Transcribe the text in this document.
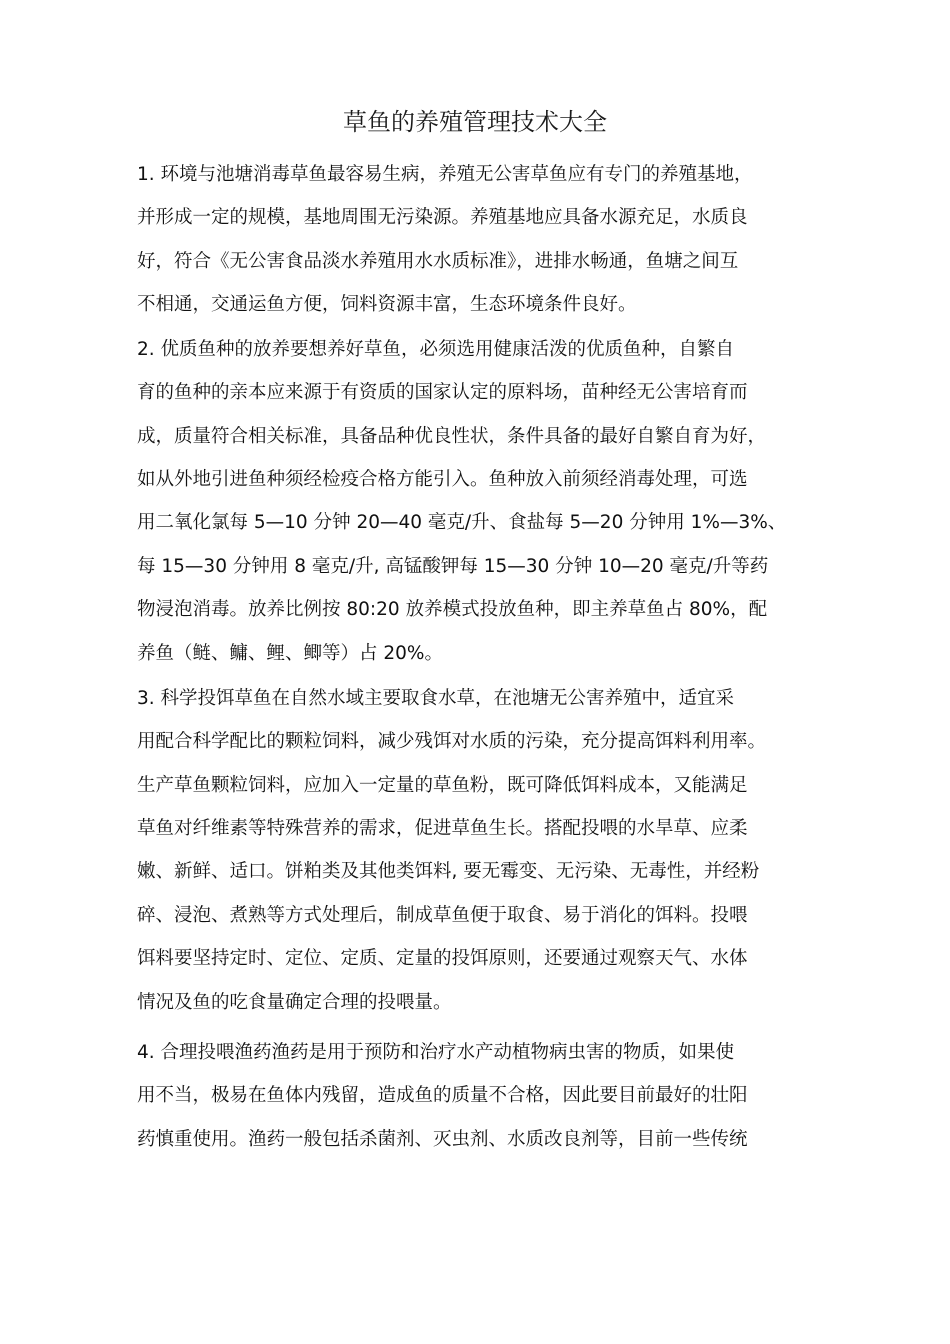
草鱼的养殖管理技术大全
1. 环境与池塘消毒草鱼最容易生病，养殖无公害草鱼应有专门的养殖基地，
并形成一定的规模，基地周围无污染源。养殖基地应具备水源充足，水质良
好，符合《无公害食品淡水养殖用水水质标准》，进排水畅通，鱼塘之间互
不相通，交通运鱼方便，饲料资源丰富，生态环境条件良好。
2. 优质鱼种的放养要想养好草鱼，必须选用健康活泼的优质鱼种，自繁自
育的鱼种的亲本应来源于有资质的国家认定的原料场，苗种经无公害培育而
成，质量符合相关标准，具备品种优良性状，条件具备的最好自繁自育为好，
如从外地引进鱼种须经检疫合格方能引入。鱼种放入前须经消毒处理，可选
用二氧化氯每 5—10 分钟 20—40 毫克/升、食盐每 5—20 分钟用 1%—3%、
每 15—30 分钟用 8 毫克/升, 高锰酸钾每 15—30 分钟 10—20 毫克/升等药
物浸泡消毒。放养比例按 80:20 放养模式投放鱼种，即主养草鱼占 80%，配
养鱼（鲢、鳙、鲤、鲫等）占 20%。
3. 科学投饵草鱼在自然水域主要取食水草，在池塘无公害养殖中，适宜采
用配合科学配比的颗粒饲料，减少残饵对水质的污染，充分提高饵料利用率。
生产草鱼颗粒饲料，应加入一定量的草鱼粉，既可降低饵料成本，又能满足
草鱼对纤维素等特殊营养的需求，促进草鱼生长。搭配投喂的水旱草、应柔
嫩、新鲜、适口。饼粕类及其他类饵料, 要无霉变、无污染、无毒性，并经粉
碎、浸泡、煮熟等方式处理后，制成草鱼便于取食、易于消化的饵料。投喂
饵料要坚持定时、定位、定质、定量的投饵原则，还要通过观察天气、水体
情况及鱼的吃食量确定合理的投喂量。
4. 合理投喂渔药渔药是用于预防和治疗水产动植物病虫害的物质，如果使
用不当，极易在鱼体内残留，造成鱼的质量不合格，因此要目前最好的壮阳
药慎重使用。渔药一般包括杀菌剂、灭虫剂、水质改良剂等，目前一些传统
